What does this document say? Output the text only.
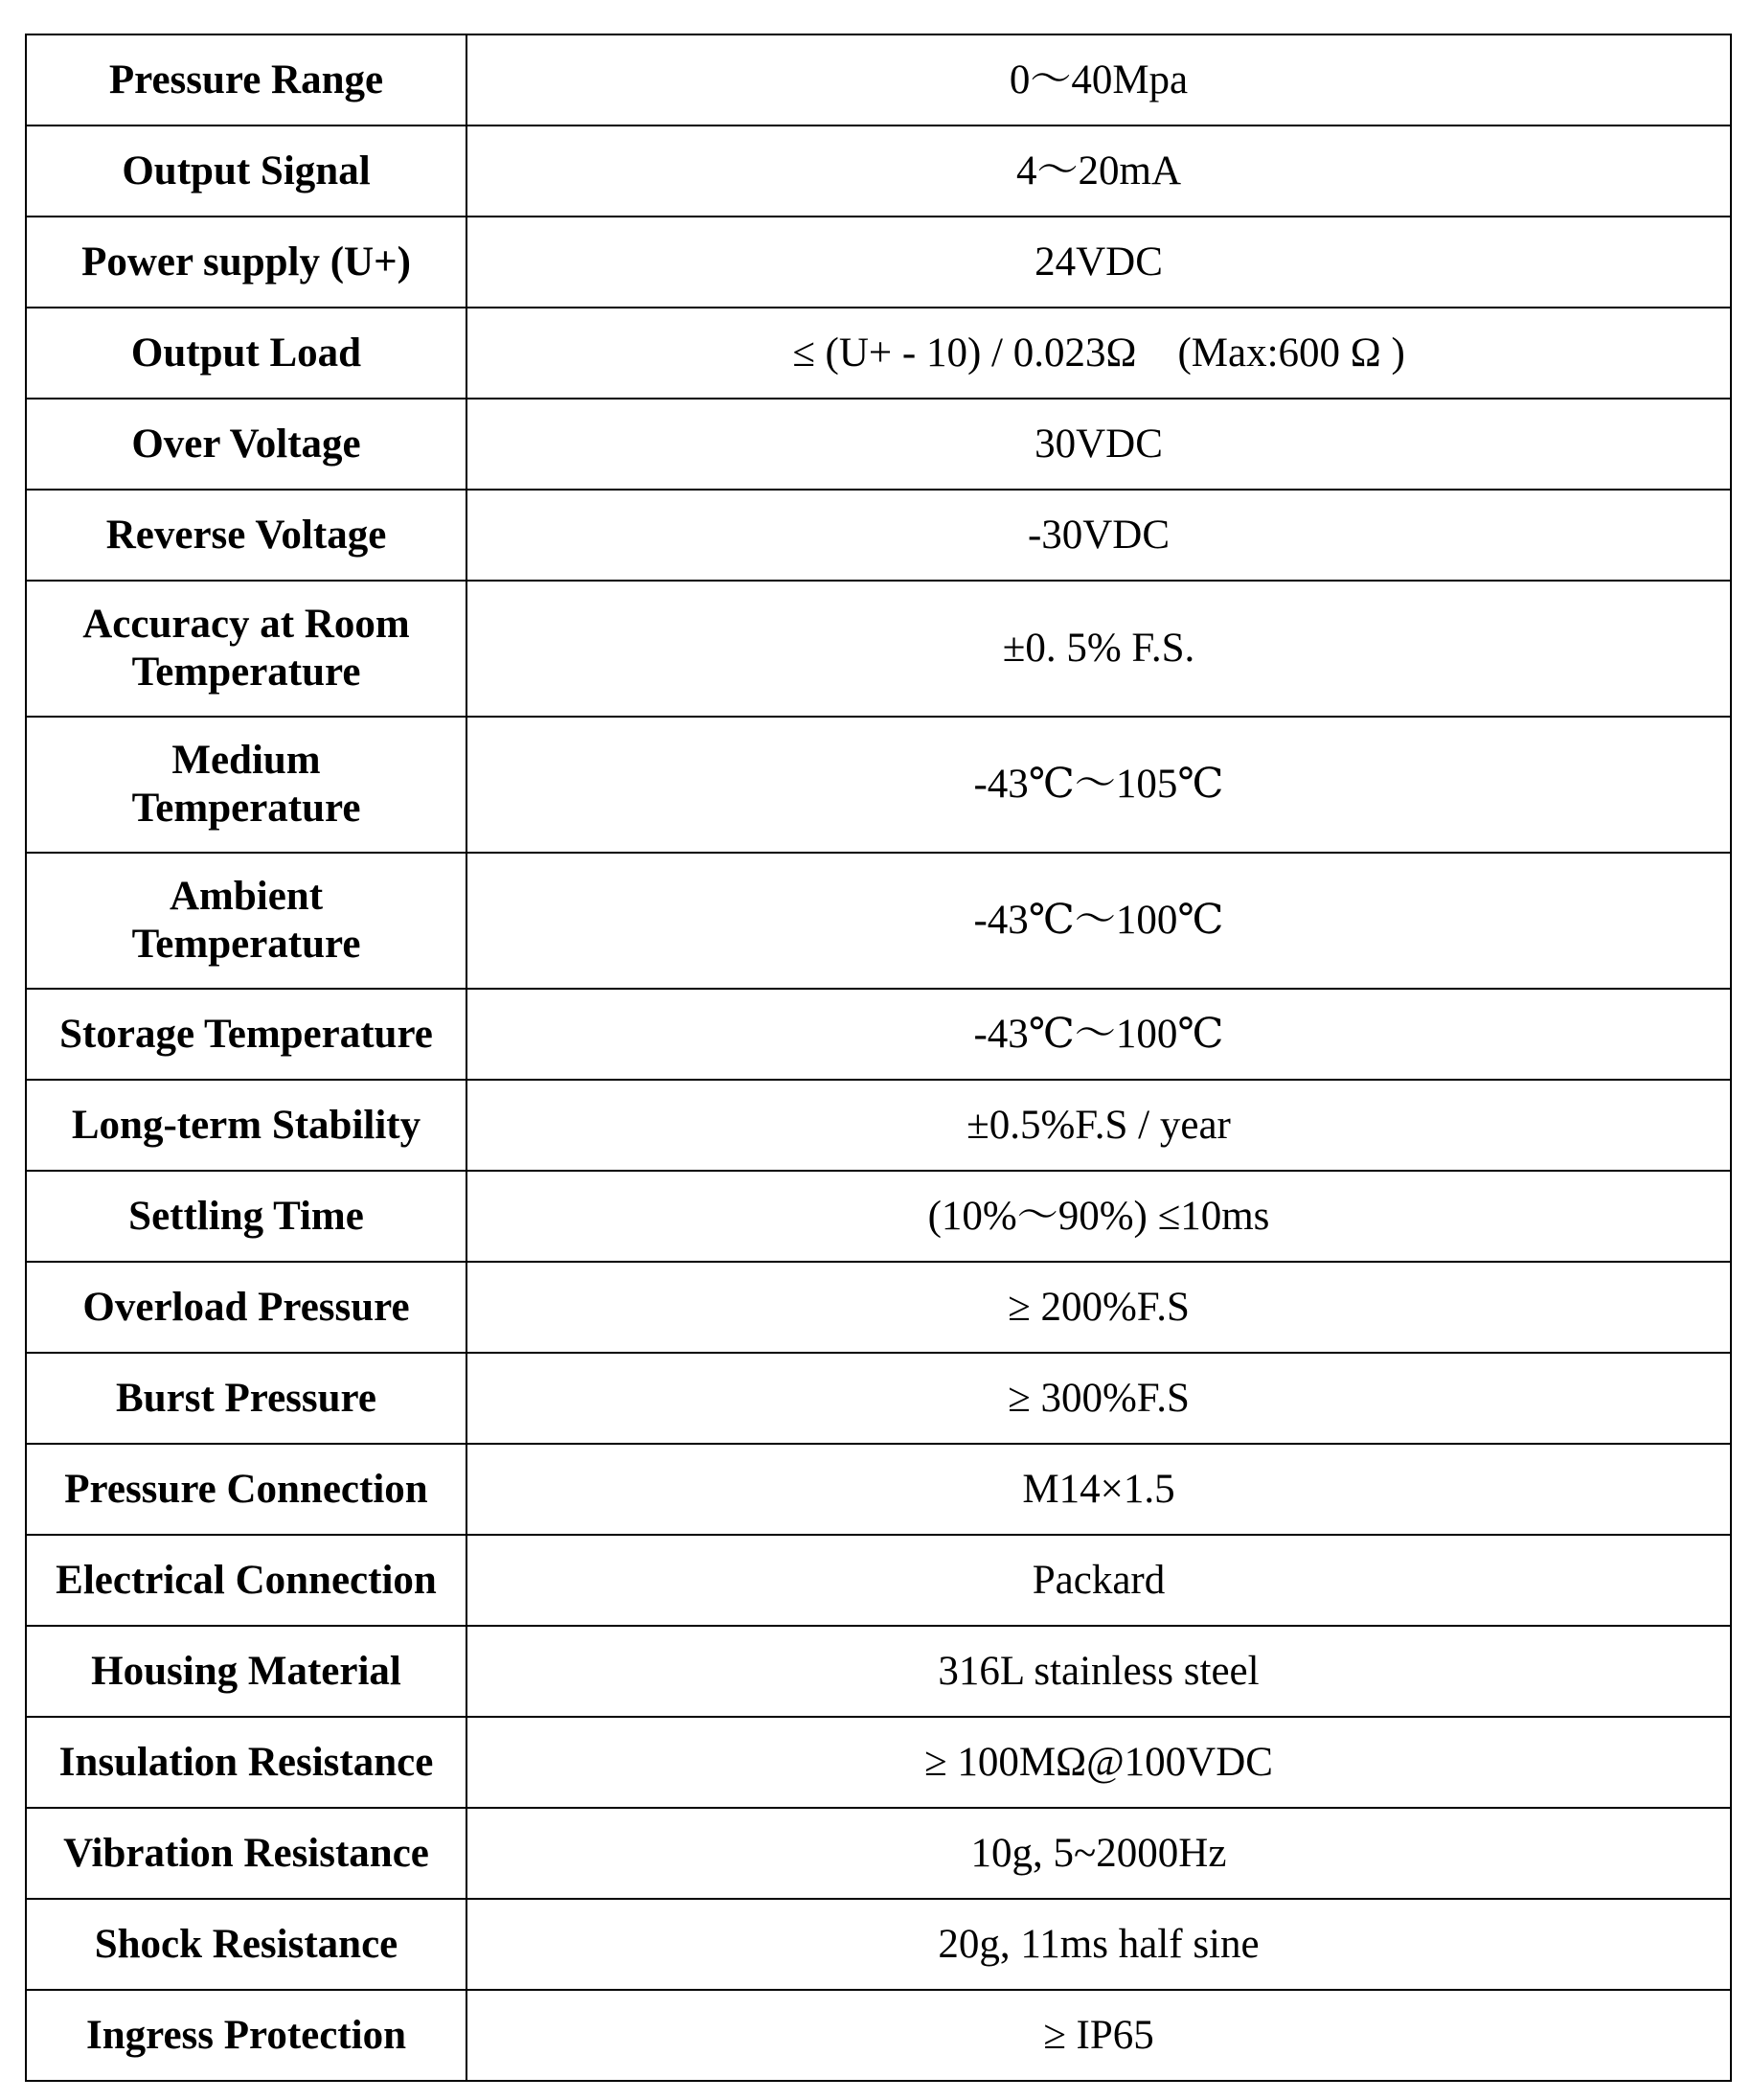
Pressure Range	0～40Mpa
Output Signal	4～20mA
Power supply (U+)	24VDC
Output Load	≤ (U+ - 10) / 0.023Ω    (Max:600 Ω )
Over Voltage	30VDC
Reverse Voltage	-30VDC
Accuracy at Room Temperature	±0. 5% F.S.
Medium Temperature	-43℃～105℃
Ambient Temperature	-43℃～100℃
Storage Temperature	-43℃～100℃
Long-term Stability	±0.5%F.S / year
Settling Time	(10%～90%) ≤10ms
Overload Pressure	≥ 200%F.S
Burst Pressure	≥ 300%F.S
Pressure Connection	M14×1.5
Electrical Connection	Packard
Housing Material	316L stainless steel
Insulation Resistance	≥ 100MΩ@100VDC
Vibration Resistance	10g, 5~2000Hz
Shock Resistance	20g, 11ms half sine
Ingress Protection	≥ IP65
